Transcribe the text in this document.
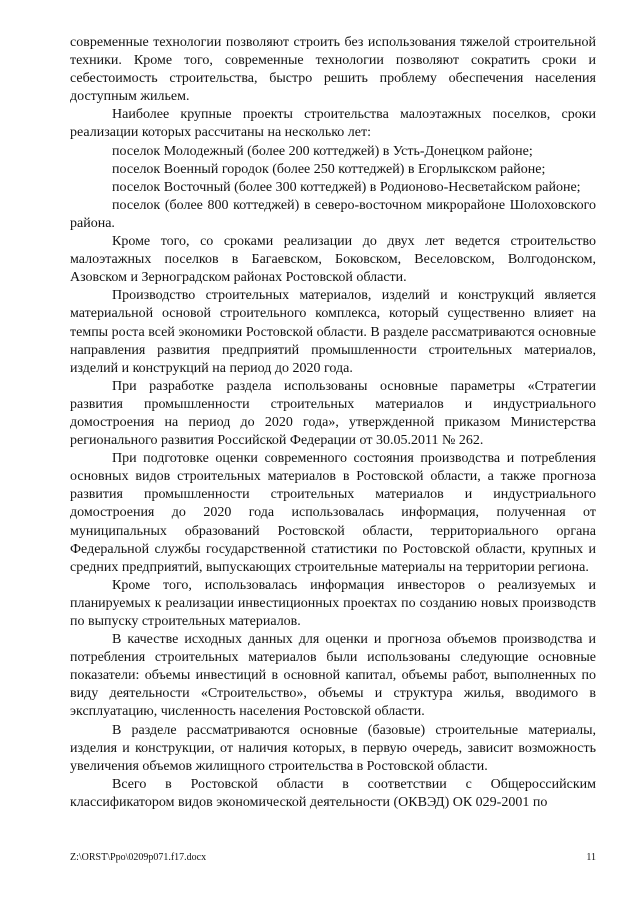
современные технологии позволяют строить без использования тяжелой строительной техники. Кроме того, современные технологии позволяют сократить сроки и себестоимость строительства, быстро решить проблему обеспечения населения доступным жильем.

Наиболее крупные проекты строительства малоэтажных поселков, сроки реализации которых рассчитаны на несколько лет:

поселок Молодежный (более 200 коттеджей) в Усть-Донецком районе;

поселок Военный городок (более 250 коттеджей) в Егорлыкском районе;

поселок Восточный (более 300 коттеджей) в Родионово-Несветайском районе;

поселок (более 800 коттеджей) в северо-восточном микрорайоне Шолоховского района.

Кроме того, со сроками реализации до двух лет ведется строительство малоэтажных поселков в Багаевском, Боковском, Веселовском, Волгодонском, Азовском и Зерноградском районах Ростовской области.

Производство строительных материалов, изделий и конструкций является материальной основой строительного комплекса, который существенно влияет на темпы роста всей экономики Ростовской области. В разделе рассматриваются основные направления развития предприятий промышленности строительных материалов, изделий и конструкций на период до 2020 года.

При разработке раздела использованы основные параметры «Стратегии развития промышленности строительных материалов и индустриального домостроения на период до 2020 года», утвержденной приказом Министерства регионального развития Российской Федерации от 30.05.2011 № 262.

При подготовке оценки современного состояния производства и потребления основных видов строительных материалов в Ростовской области, а также прогноза развития промышленности строительных материалов и индустриального домостроения до 2020 года использовалась информация, полученная от муниципальных образований Ростовской области, территориального органа Федеральной службы государственной статистики по Ростовской области, крупных и средних предприятий, выпускающих строительные материалы на территории региона.

Кроме того, использовалась информация инвесторов о реализуемых и планируемых к реализации инвестиционных проектах по созданию новых производств по выпуску строительных материалов.

В качестве исходных данных для оценки и прогноза объемов производства и потребления строительных материалов были использованы следующие основные показатели: объемы инвестиций в основной капитал, объемы работ, выполненных по виду деятельности «Строительство», объемы и структура жилья, вводимого в эксплуатацию, численность населения Ростовской области.

В разделе рассматриваются основные (базовые) строительные материалы, изделия и конструкции, от наличия которых, в первую очередь, зависит возможность увеличения объемов жилищного строительства в Ростовской области.

Всего в Ростовской области в соответствии с Общероссийским классификатором видов экономической деятельности (ОКВЭД) ОК 029-2001 по

Z:\ORST\Ppo\0209p071.f17.docx	11
